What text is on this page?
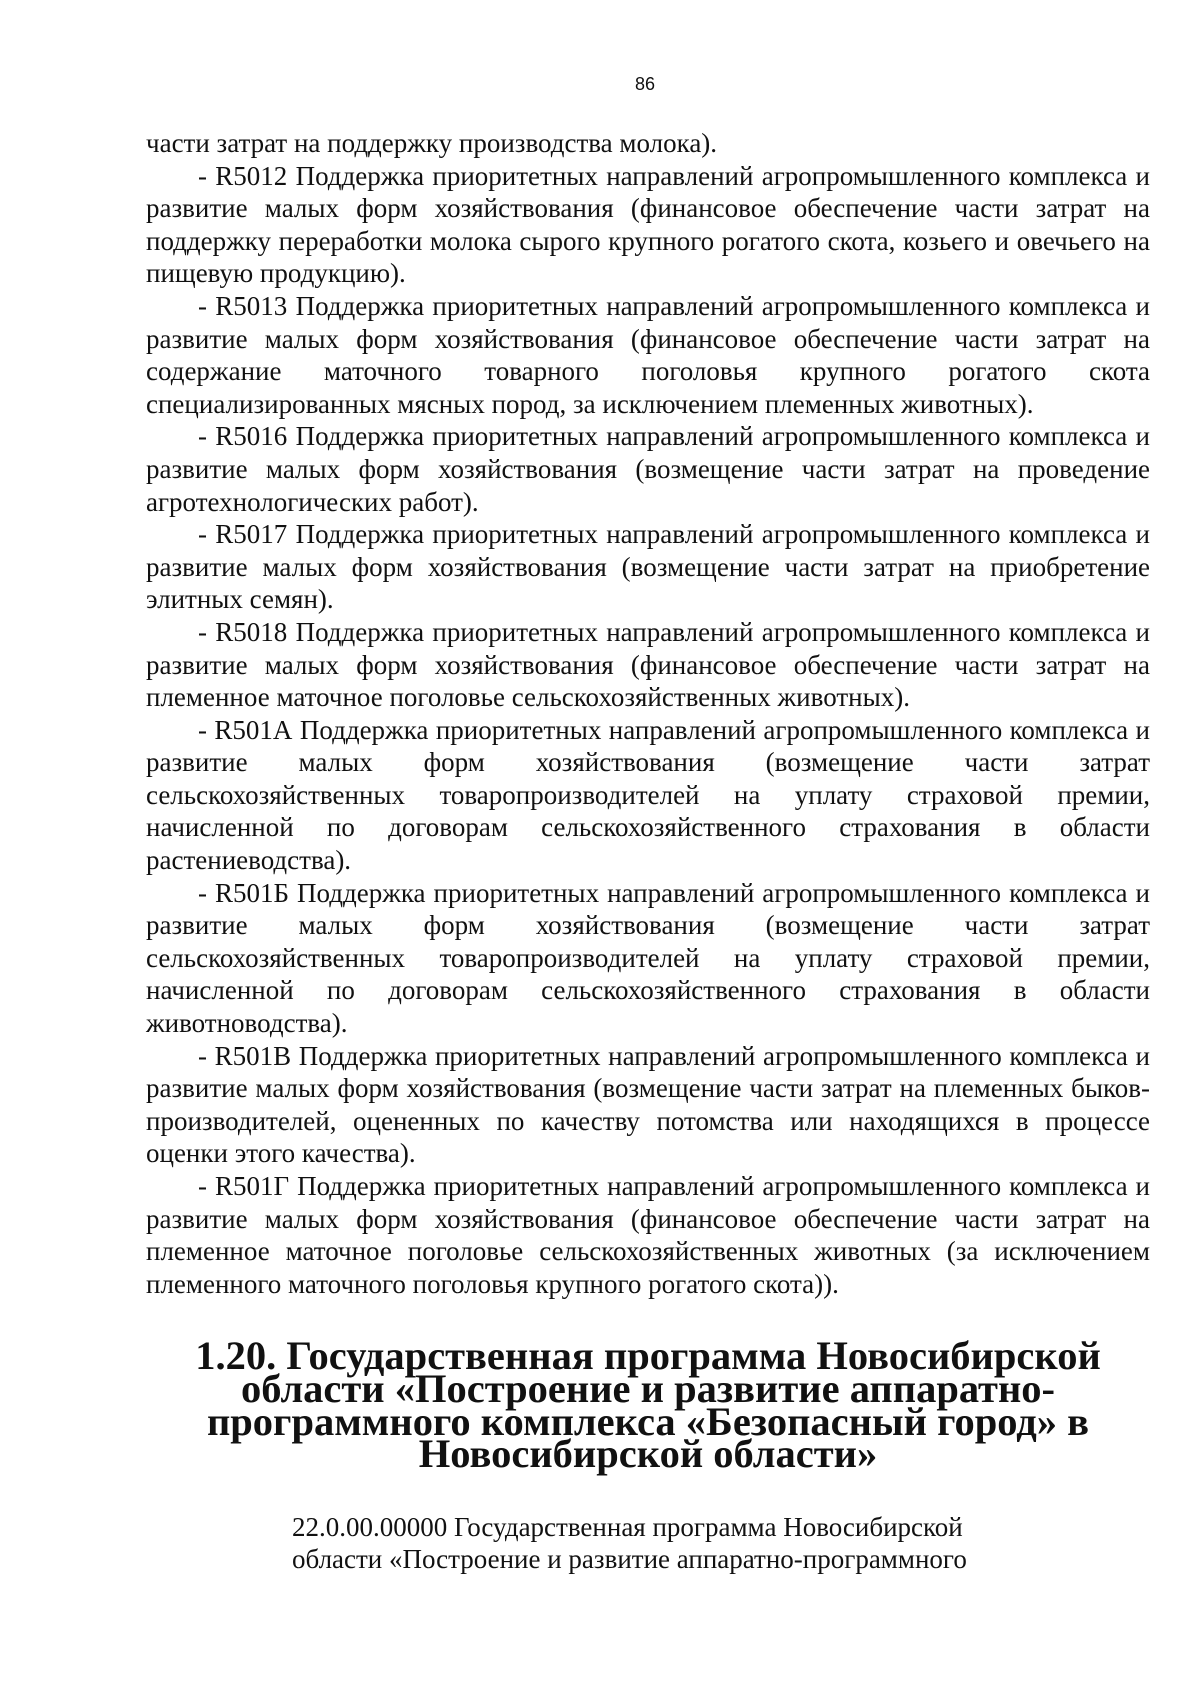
86

части затрат на поддержку производства молока).

- R5012 Поддержка приоритетных направлений агропромышленного комплекса и развитие малых форм хозяйствования (финансовое обеспечение части затрат на поддержку переработки молока сырого крупного рогатого скота, козьего и овечьего на пищевую продукцию).

- R5013 Поддержка приоритетных направлений агропромышленного комплекса и развитие малых форм хозяйствования (финансовое обеспечение части затрат на содержание маточного товарного поголовья крупного рогатого скота специализированных мясных пород, за исключением племенных животных).

- R5016 Поддержка приоритетных направлений агропромышленного комплекса и развитие малых форм хозяйствования (возмещение части затрат на проведение агротехнологических работ).

- R5017 Поддержка приоритетных направлений агропромышленного комплекса и развитие малых форм хозяйствования (возмещение части затрат на приобретение элитных семян).

- R5018 Поддержка приоритетных направлений агропромышленного комплекса и развитие малых форм хозяйствования (финансовое обеспечение части затрат на племенное маточное поголовье сельскохозяйственных животных).

- R501А Поддержка приоритетных направлений агропромышленного комплекса и развитие малых форм хозяйствования (возмещение части затрат сельскохозяйственных товаропроизводителей на уплату страховой премии, начисленной по договорам сельскохозяйственного страхования в области растениеводства).

- R501Б Поддержка приоритетных направлений агропромышленного комплекса и развитие малых форм хозяйствования (возмещение части затрат сельскохозяйственных товаропроизводителей на уплату страховой премии, начисленной по договорам сельскохозяйственного страхования в области животноводства).

- R501В Поддержка приоритетных направлений агропромышленного комплекса и развитие малых форм хозяйствования (возмещение части затрат на племенных быков-производителей, оцененных по качеству потомства или находящихся в процессе оценки этого качества).

- R501Г Поддержка приоритетных направлений агропромышленного комплекса и развитие малых форм хозяйствования (финансовое обеспечение части затрат на племенное маточное поголовье сельскохозяйственных животных (за исключением племенного маточного поголовья крупного рогатого скота)).

1.20. Государственная программа Новосибирской области «Построение и развитие аппаратно-программного комплекса «Безопасный город» в Новосибирской области»

22.0.00.00000 Государственная программа Новосибирской области «Построение и развитие аппаратно-программного
